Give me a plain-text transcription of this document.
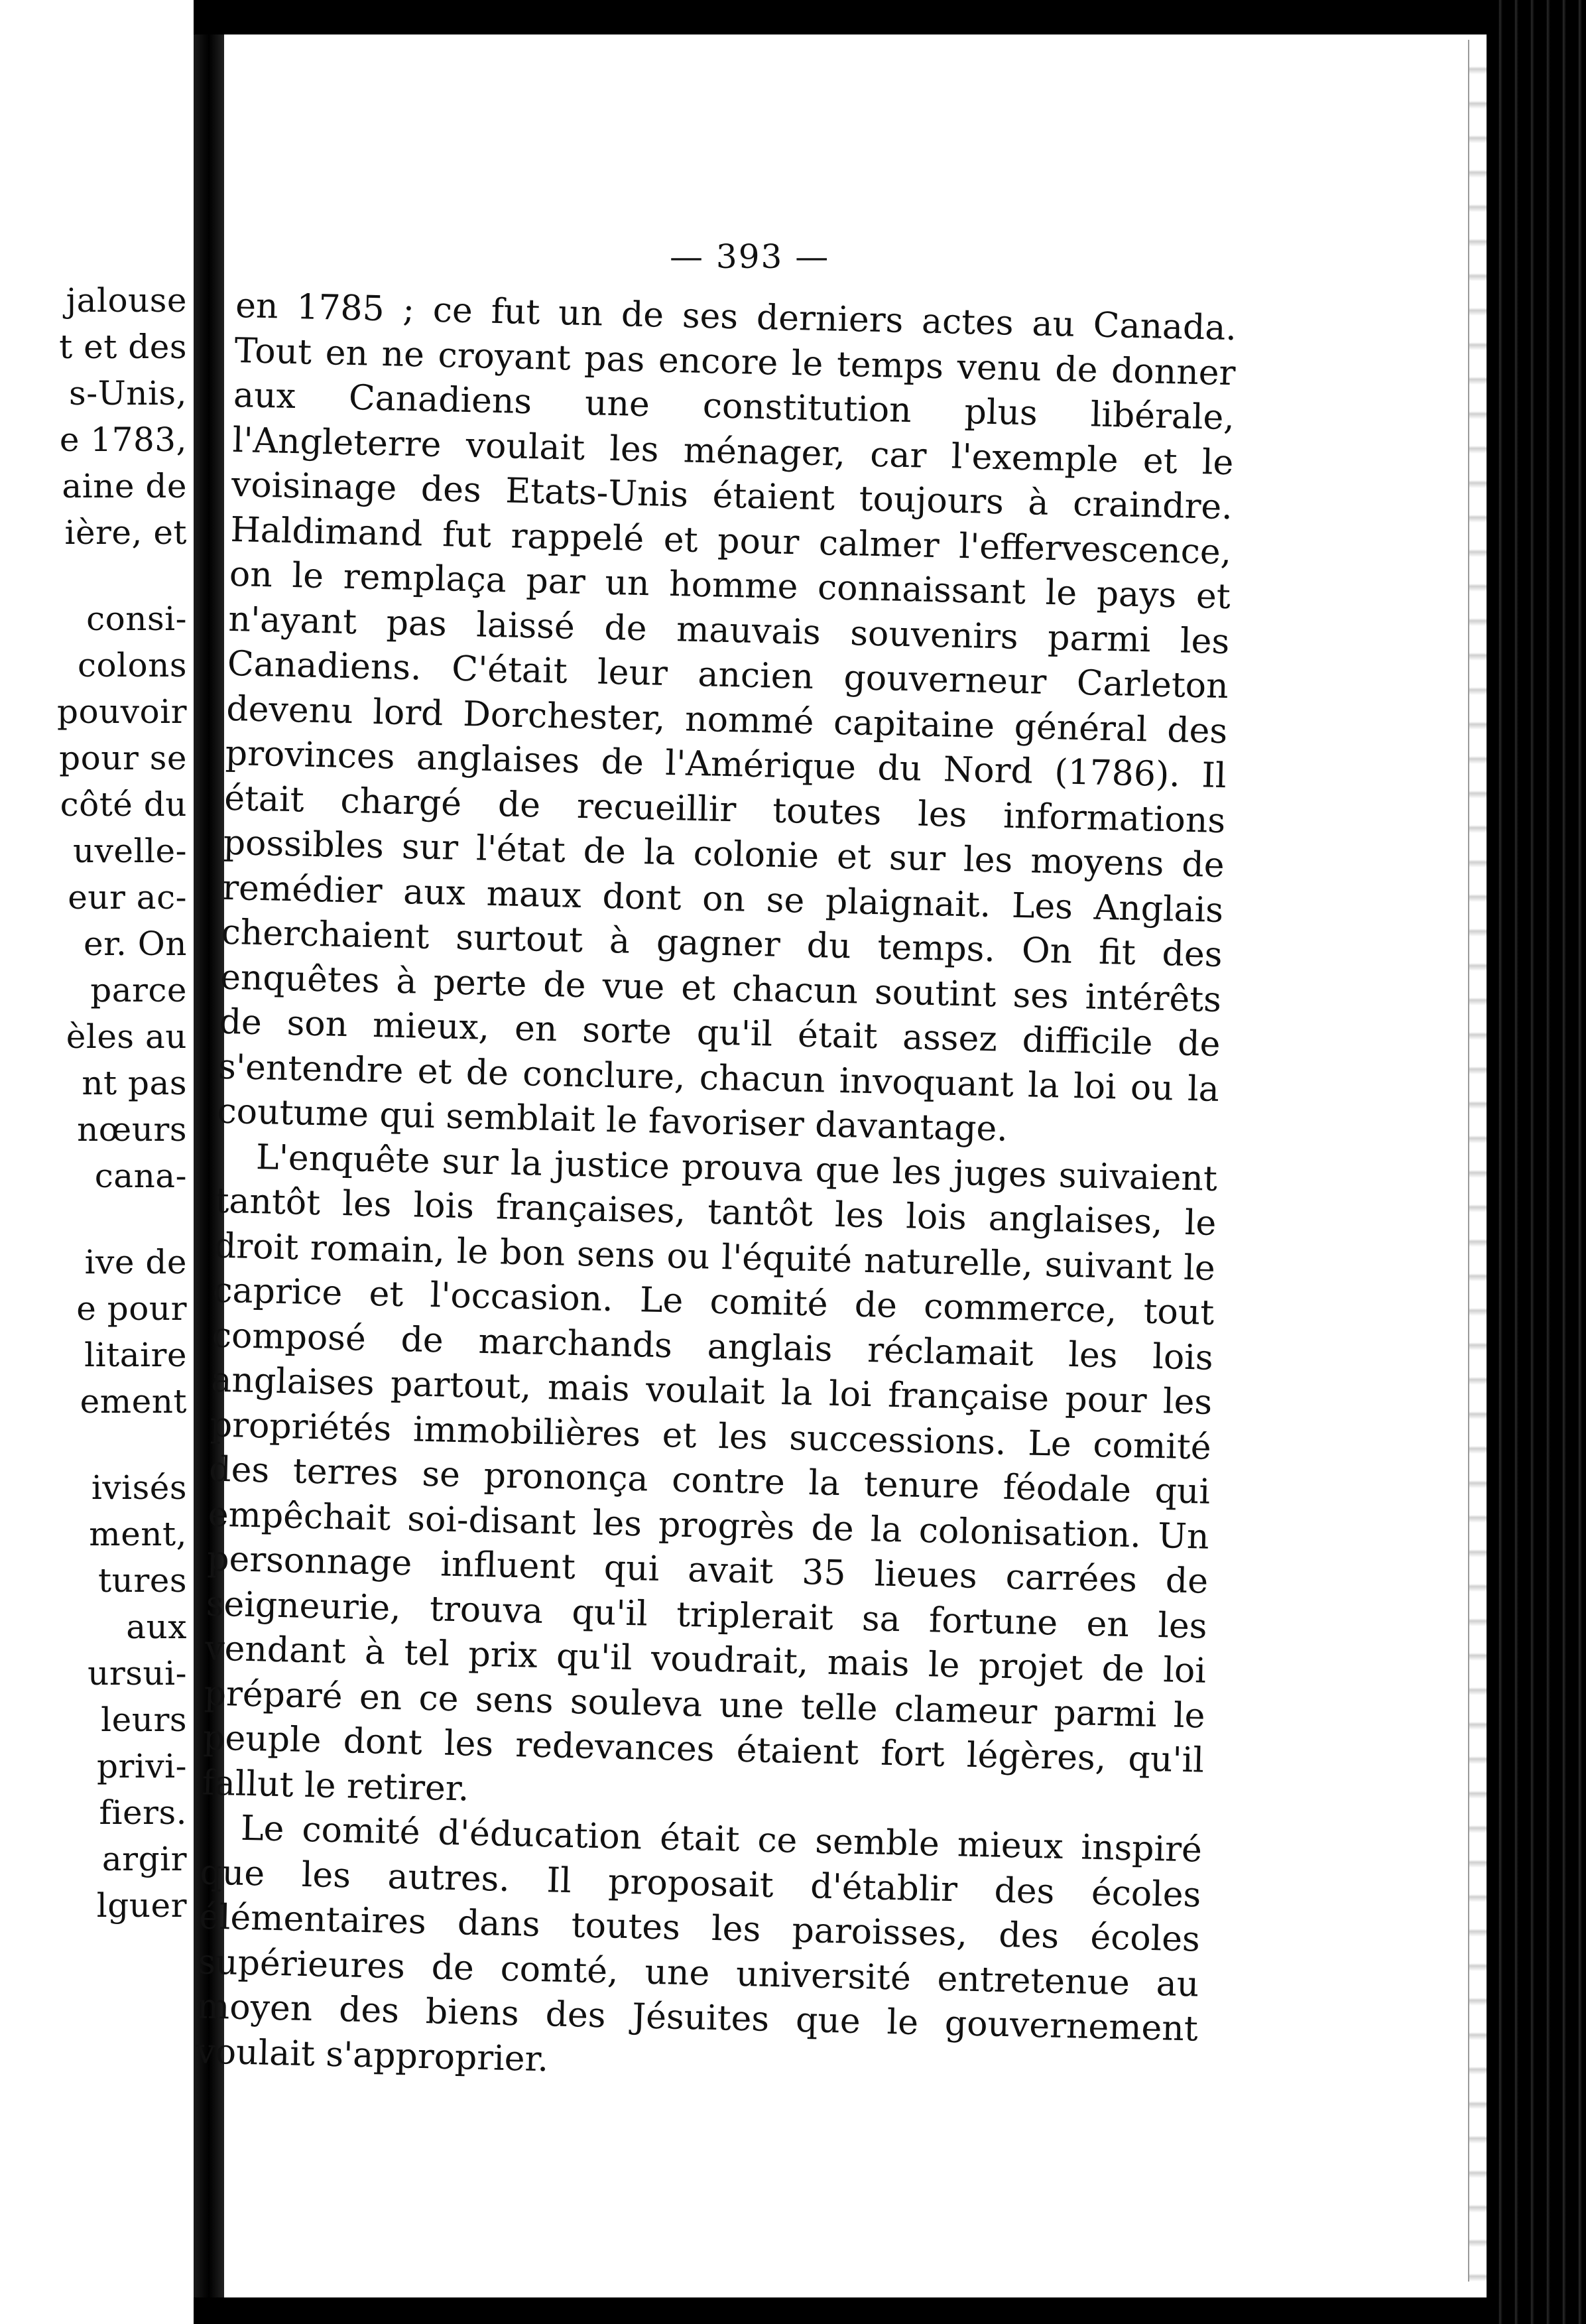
jalouse
t et des
s-Unis,
e 1783,
aine de
ière, et
consi-
colons
pouvoir
pour se
côté du
uvelle-
eur ac-
er. On
parce
èles au
nt pas
nœurs
cana-
ive de
e pour
litaire
ement
ivisés
ment,
tures
aux
ursui-
leurs
privi-
fiers.
argir
lguer
— 393 —

en 1785 ; ce fut un de ses derniers actes au Canada. Tout en ne croyant pas encore le temps venu de donner aux Canadiens une constitution plus libérale, l'Angleterre voulait les ménager, car l'exemple et le voisinage des Etats-Unis étaient toujours à craindre. Haldimand fut rappelé et pour calmer l'effervescence, on le remplaça par un homme connaissant le pays et n'ayant pas laissé de mauvais souvenirs parmi les Canadiens. C'était leur ancien gouverneur Carleton devenu lord Dorchester, nommé capitaine général des provinces anglaises de l'Amérique du Nord (1786). Il était chargé de recueillir toutes les informations possibles sur l'état de la colonie et sur les moyens de remédier aux maux dont on se plaignait. Les Anglais cherchaient surtout à gagner du temps. On fit des enquêtes à perte de vue et chacun soutint ses intérêts de son mieux, en sorte qu'il était assez difficile de s'entendre et de conclure, chacun invoquant la loi ou la coutume qui semblait le favoriser davantage.

L'enquête sur la justice prouva que les juges suivaient tantôt les lois françaises, tantôt les lois anglaises, le droit romain, le bon sens ou l'équité naturelle, suivant le caprice et l'occasion. Le comité de commerce, tout composé de marchands anglais réclamait les lois anglaises partout, mais voulait la loi française pour les propriétés immobilières et les successions. Le comité des terres se prononça contre la tenure féodale qui empêchait soi-disant les progrès de la colonisation. Un personnage influent qui avait 35 lieues carrées de seigneurie, trouva qu'il triplerait sa fortune en les vendant à tel prix qu'il voudrait, mais le projet de loi préparé en ce sens souleva une telle clameur parmi le peuple dont les redevances étaient fort légères, qu'il fallut le retirer.

Le comité d'éducation était ce semble mieux inspiré que les autres. Il proposait d'établir des écoles élémentaires dans toutes les paroisses, des écoles supérieures de comté, une université entretenue au moyen des biens des Jésuites que le gouvernement voulait s'approprier.
